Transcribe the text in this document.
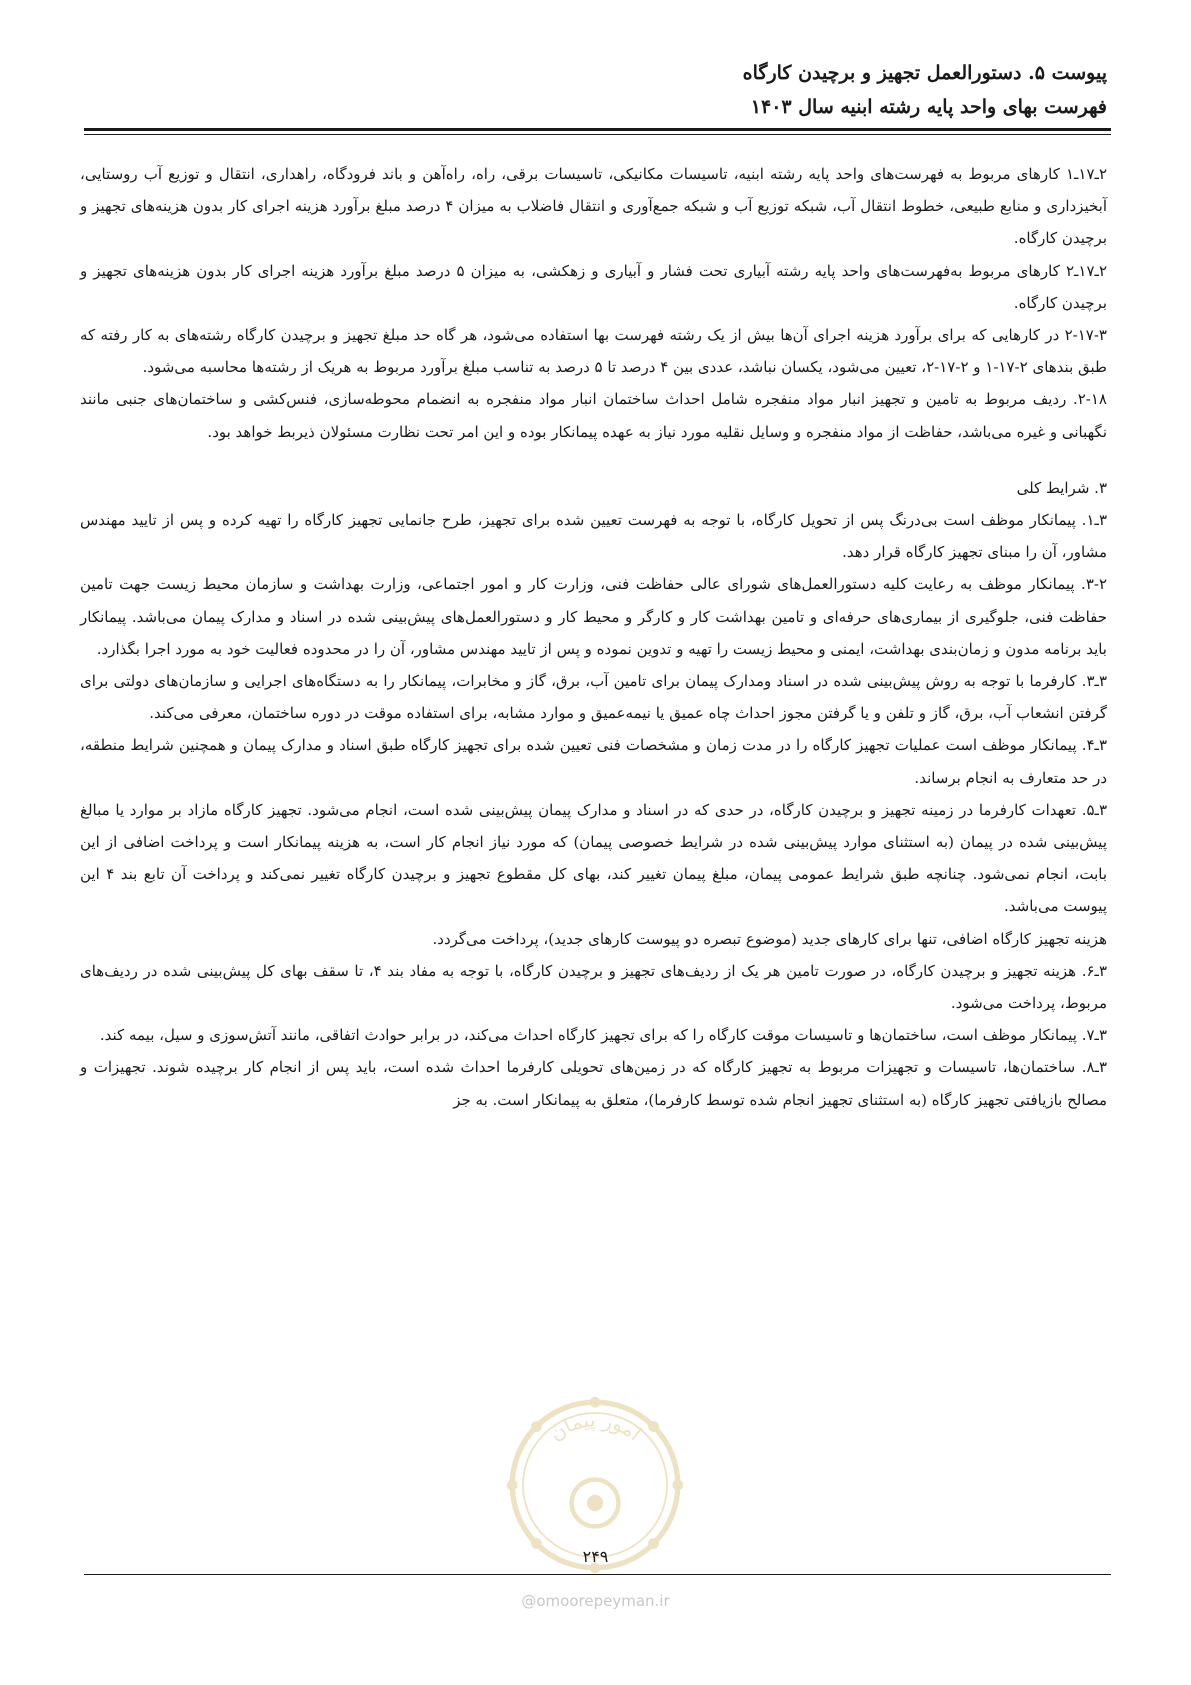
پیوست ۵. دستورالعمل تجهیز و برچیدن کارگاه
فهرست بهای واحد پایه رشته ابنیه سال ۱۴۰۳

۲ـ۱۷ـ۱ کارهای مربوط به فهرست‌های واحد پایه رشته ابنیه، تاسیسات مکانیکی، تاسیسات برقی، راه، راه‌آهن و باند فرودگاه، راهداری، انتقال و توزیع آب روستایی، آبخیزداری و منابع طبیعی، خطوط انتقال آب، شبکه توزیع آب و شبکه جمع‌آوری و انتقال فاضلاب به میزان ۴ درصد مبلغ برآورد هزینه اجرای کار بدون هزینه‌های تجهیز و برچیدن کارگاه.

۲ـ۱۷ـ۲ کارهای مربوط به‌فهرست‌های واحد پایه رشته آبیاری تحت فشار و آبیاری و زهکشی، به میزان ۵ درصد مبلغ برآورد هزینه اجرای کار بدون هزینه‌های تجهیز و برچیدن کارگاه.

۲-۱۷-۳ در کارهایی که برای برآورد هزینه اجرای آن‌ها بیش از یک رشته فهرست بها استفاده می‌شود، هر گاه حد مبلغ تجهیز و برچیدن کارگاه رشته‌های به کار رفته که طبق بندهای ۲-۱۷-۱ و ۲-۱۷-۲، تعیین می‌شود، یکسان نباشد، عددی بین ۴ درصد تا ۵ درصد به تناسب مبلغ برآورد مربوط به هریک از رشته‌ها محاسبه می‌شود.

۲-۱۸. ردیف مربوط به تامین و تجهیز انبار مواد منفجره شامل احداث ساختمان انبار مواد منفجره به انضمام محوطه‌سازی، فنس‌کشی و ساختمان‌های جنبی مانند نگهبانی و غیره می‌باشد، حفاظت از مواد منفجره و وسایل نقلیه مورد نیاز به عهده پیمانکار بوده و این امر تحت نظارت مسئولان ذیربط خواهد بود.

۳. شرایط کلی

۳ـ۱. پیمانکار موظف است بی‌درنگ پس از تحویل کارگاه، با توجه به فهرست تعیین شده برای تجهیز، طرح جانمایی تجهیز کارگاه را تهیه کرده و پس از تایید مهندس مشاور، آن را مبنای تجهیز کارگاه قرار دهد.

۳-۲. پیمانکار موظف به رعایت کلیه دستورالعمل‌های شورای عالی حفاظت فنی، وزارت کار و امور اجتماعی، وزارت بهداشت و سازمان محیط زیست جهت تامین حفاظت فنی، جلوگیری از بیماری‌های حرفه‌ای و تامین بهداشت کار و کارگر و محیط کار و دستورالعمل‌های پیش‌بینی شده در اسناد و مدارک پیمان می‌باشد. پیمانکار باید برنامه مدون و زمان‌بندی بهداشت، ایمنی و محیط زیست را تهیه و تدوین نموده و پس از تایید مهندس مشاور، آن را در محدوده فعالیت خود به مورد اجرا بگذارد.

۳ـ۳. کارفرما با توجه به روش پیش‌بینی شده در اسناد ومدارک پیمان برای تامین آب، برق، گاز و مخابرات، پیمانکار را به دستگاه‌های اجرایی و سازمان‌های دولتی برای گرفتن انشعاب آب، برق، گاز و تلفن و یا گرفتن مجوز احداث چاه عمیق یا نیمه‌عمیق و موارد مشابه، برای استفاده موقت در دوره ساختمان، معرفی می‌کند.

۳ـ۴. پیمانکار موظف است عملیات تجهیز کارگاه را در مدت زمان و مشخصات فنی تعیین شده برای تجهیز کارگاه طبق اسناد و مدارک پیمان و همچنین شرایط منطقه، در حد متعارف به انجام برساند.

۳ـ۵. تعهدات کارفرما در زمینه تجهیز و برچیدن کارگاه، در حدی که در اسناد و مدارک پیمان پیش‌بینی شده است، انجام می‌شود. تجهیز کارگاه مازاد بر موارد یا مبالغ پیش‌بینی شده در پیمان (به استثنای موارد پیش‌بینی شده در شرایط خصوصی پیمان) که مورد نیاز انجام کار است، به هزینه پیمانکار است و پرداخت اضافی از این بابت، انجام نمی‌شود. چنانچه طبق شرایط عمومی پیمان، مبلغ پیمان تغییر کند، بهای کل مقطوع تجهیز و برچیدن کارگاه تغییر نمی‌کند و پرداخت آن تابع بند ۴ این پیوست می‌باشد.

هزینه تجهیز کارگاه اضافی، تنها برای کارهای جدید (موضوع تبصره دو پیوست کارهای جدید)، پرداخت می‌گردد.

۳ـ۶. هزینه تجهیز و برچیدن کارگاه، در صورت تامین هر یک از ردیف‌های تجهیز و برچیدن کارگاه، با توجه به مفاد بند ۴، تا سقف بهای کل پیش‌بینی شده در ردیف‌های مربوط، پرداخت می‌شود.

۳ـ۷. پیمانکار موظف است، ساختمان‌ها و تاسیسات موقت کارگاه را که برای تجهیز کارگاه احداث می‌کند، در برابر حوادث اتفاقی، مانند آتش‌سوزی و سیل، بیمه کند.

۳ـ۸. ساختمان‌ها، تاسیسات و تجهیزات مربوط به تجهیز کارگاه که در زمین‌های تحویلی کارفرما احداث شده است، باید پس از انجام کار برچیده شوند. تجهیزات و مصالح بازیافتی تجهیز کارگاه (به استثنای تجهیز انجام شده توسط کارفرما)، متعلق به پیمانکار است. به جز

امور پیمان
۲۴۹
@omoorepeyman.ir
